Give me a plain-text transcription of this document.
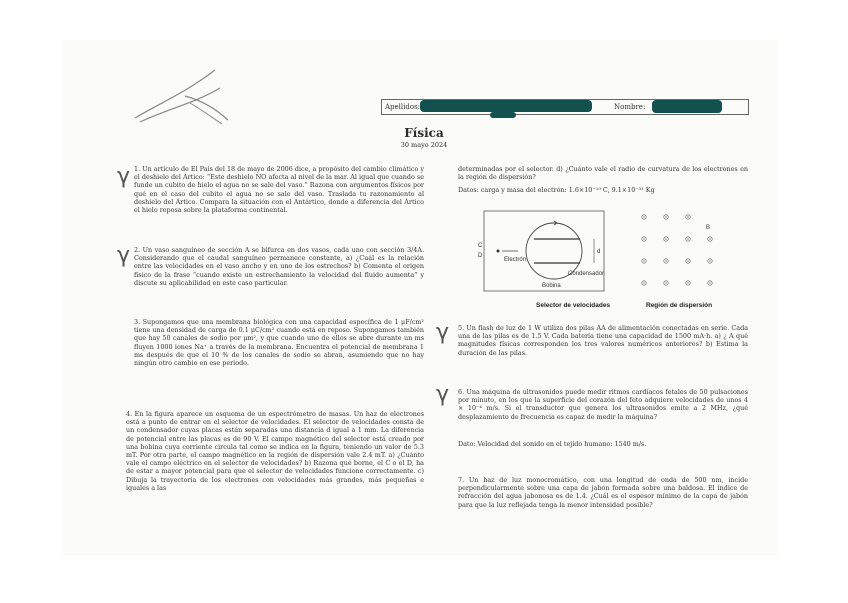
Apellidos:	Nombre:
Física
30 mayo 2024
γ
γ
γ
γ
1. Un artículo de El País del 18 de mayo de 2006 dice, a propósito del cambio climático y el deshielo del Ártico: “Este deshielo NO afecta al nivel de la mar. Al igual que cuando se funde un cubito de hielo el agua no se sale del vaso.” Razona con argumentos físicos por qué en el caso del cubito el agua no se sale del vaso. Traslada tu razonamiento al deshielo del Ártico. Compara la situación con el Antártico, donde a diferencia del Ártico el hielo reposa sobre la plataforma continental.
2. Un vaso sanguíneo de sección A se bifurca en dos vasos, cada uno con sección 3/4A. Considerando que el caudal sanguíneo permanece constante, a) ¿Cuál es la relación entre las velocidades en el vaso ancho y en uno de los estrechos? b) Comenta el origen físico de la frase “cuando existe un estrechamiento la velocidad del fluido aumenta” y discute su aplicabilidad en este caso particular.
3. Supongamos que una membrana biológica con una capacidad específica de 1 μF/cm² tiene una densidad de carga de 0.1 μC/cm² cuando está en reposo. Supongamos también que hay 50 canales de sodio por μm², y que cuando uno de ellos se abre durante un ms fluyen 1000 iones Na⁺ a través de la membrana. Encuentra el potencial de membrana 1 ms después de que el 10 % de los canales de sodio se abran, asumiendo que no hay ningún otro cambio en ese periodo.
4. En la figura aparece un esquema de un espectrómetro de masas. Un haz de electrones está a punto de entrar en el selector de velocidades. El selector de velocidades consta de un condensador cuyas placas están separadas una distancia d igual a 1 mm. La diferencia de potencial entre las placas es de 90 V. El campo magnético del selector está creado por una bobina cuya corriente circula tal como se indica en la figura, teniendo un valor de 5.3 mT. Por otra parte, el campo magnético en la región de dispersión vale 2.4 mT. a) ¿Cuánto vale el campo eléctrico en el selector de velocidades? b) Razona qué borne, el C o el D, ha de estar a mayor potencial para que el selector de velocidades funcione correctamente. c) Dibuja la trayectoria de los electrones con velocidades más grandes, más pequeñas e iguales a las
determinadas por el selector. d) ¿Cuánto vale el radio de curvatura de los electrones en la región de dispersión?
Datos: carga y masa del electrón: 1.6×10⁻¹⁹ C, 9.1×10⁻³¹ Kg
C
D
Electrón
d
Condensador
Bobina
B
Selector de velocidades	Región de dispersión
5. Un flash de luz de 1 W utiliza dos pilas AA de alimentación conectadas en serie. Cada una de las pilas es de 1.5 V. Cada batería tiene una capacidad de 1500 mA·h. a) ¿ A qué magnitudes físicas corresponden los tres valores numéricos anteriores? b) Estima la duración de las pilas.
6. Una máquina de ultrasonidos puede medir ritmos cardíacos fetales de 50 pulsaciones por minuto, en los que la superficie del corazón del feto adquiere velocidades de unos 4 × 10⁻⁴ m/s. Si el transductor que genera los ultrasonidos emite a 2 MHz, ¿qué desplazamiento de frecuencia es capaz de medir la máquina?
Dato: Velocidad del sonido en el tejido humano: 1540 m/s.
7. Un haz de luz monocromático, con una longitud de onda de 500 nm, incide perpendicularmente sobre una capa de jabón formada sobre una baldosa. El índice de refracción del agua jabonosa es de 1.4. ¿Cuál es el espesor mínimo de la capa de jabón para que la luz reflejada tenga la menor intensidad posible?
